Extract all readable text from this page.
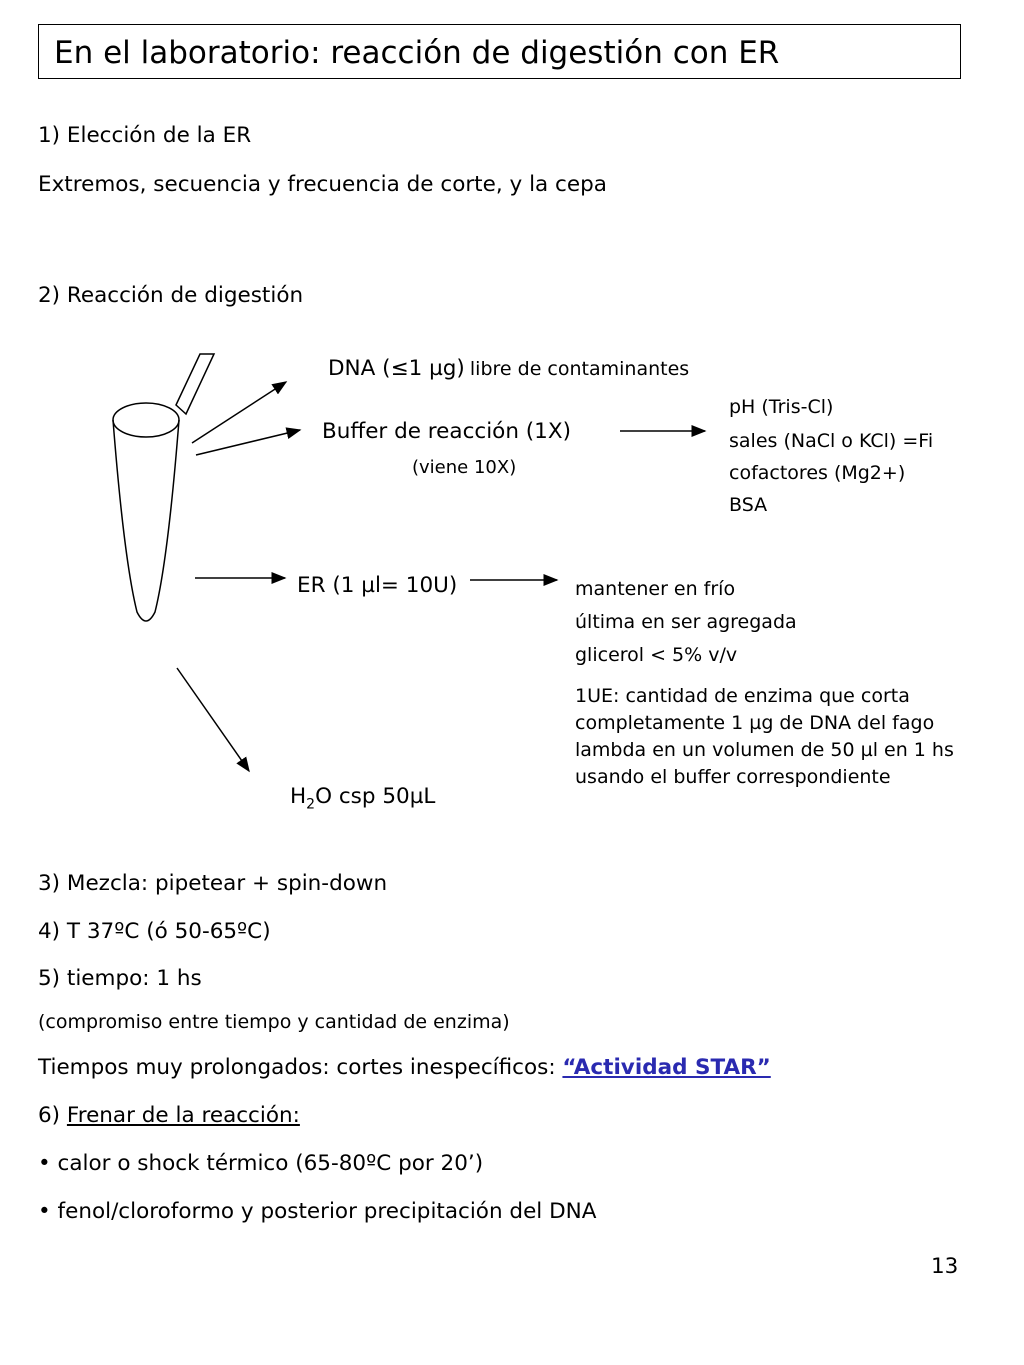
En el laboratorio: reacción de digestión con ER
1) Elección de la ER
Extremos, secuencia y frecuencia de corte, y la cepa
2) Reacción de digestión
DNA (≤1 µg) libre de contaminantes
Buffer de reacción (1X)
(viene 10X)
pH (Tris-Cl)
sales (NaCl o KCl) =Fi
cofactores (Mg2+)
BSA
ER (1 µl= 10U)	mantener en frío
última en ser agregada
glicerol < 5% v/v
1UE: cantidad de enzima que corta
completamente 1 µg de DNA del fago
lambda en un volumen de 50 µl en 1 hs
usando el buffer correspondiente
$H_2O$ csp 50µL
3) Mezcla: pipetear + spin-down
4) T 37ºC (ó 50-65ºC)
5) tiempo: 1 hs
(compromiso entre tiempo y cantidad de enzima)
Tiempos muy prolongados: cortes inespecíficos: “Actividad STAR”
6) Frenar de la reacción:
• calor o shock térmico (65-80ºC por 20’)
• fenol/cloroformo y posterior precipitación del DNA
13
